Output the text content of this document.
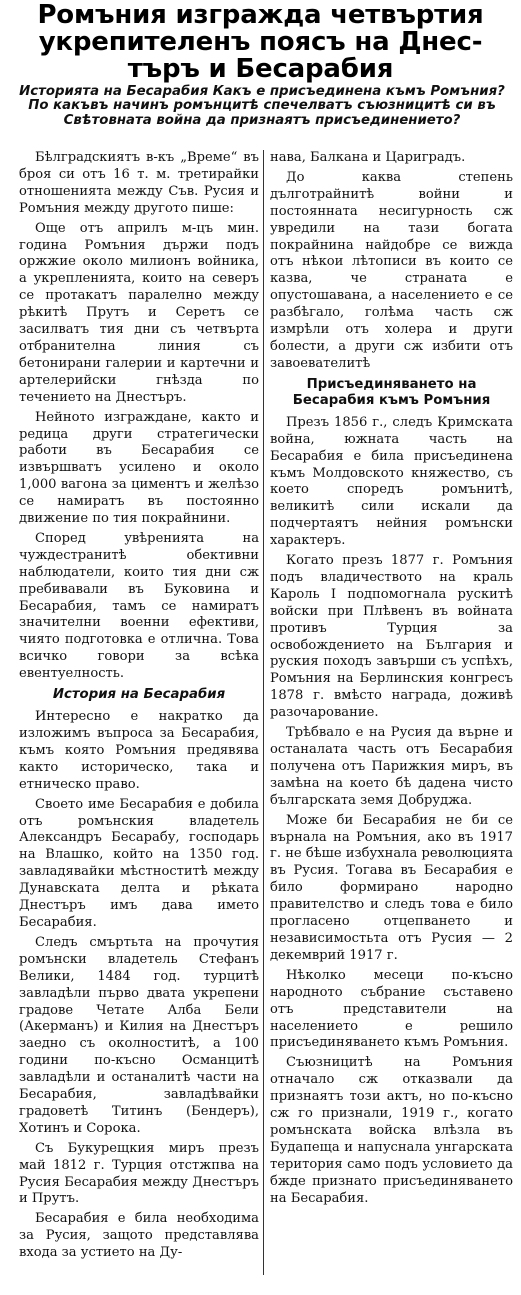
Ромъния изгражда четвъртия
укрепителенъ поясъ на Днес-
търъ и Бесарабия
Историята на Бесарабия Какъ е присъединена къмъ Ромъния?
По какъвъ начинъ ромънцитѣ спечелватъ съюзницитѣ си въ
Свѣтовната война да признаятъ присъединението?

Бѣлградскиятъ в-къ „Време“ въ броя си отъ 16 т. м. третирайки отношенията между Съв. Русия и Ромъния между другото пише:

Още отъ априлъ м-цъ мин. година Ромъния държи подъ оржжие около милионъ войника, а укрепленията, които на северъ се протакатъ паралелно между рѣкитѣ Прутъ и Серетъ се засилватъ тия дни съ четвърта отбранителна линия съ бетонирани галерии и картечни и артелерийски гнѣзда по течението на Днестъръ.

Нейното изграждане, както и редица други стратегически работи въ Бесарабия се извършватъ усилено и около 1,000 вагона за циментъ и желѣзо се намиратъ въ постоянно движение по тия покрайнини.

Според увѣренията на чуждестранитѣ обективни наблюдатели, които тия дни сж пребивавали въ Буковина и Бесарабия, тамъ се намиратъ значителни военни ефективи, чиято подготовка е отлична. Това всичко говори за всѣка евентуелность.

История на Бесарабия

Интересно е накратко да изложимъ въпроса за Бесарабия, къмъ която Ромъния предявява както историческо, така и етническо право.

Своето име Бесарабия е добила отъ ромънския владетель Александръ Бесарабу, господарь на Влашко, който на 1350 год. завладявайки мѣстноститѣ между Дунавската делта и рѣката Днестъръ имъ дава името Бесарабия.

Следъ смъртьта на прочутия ромънски владетель Стефанъ Велики, 1484 год. турцитѣ завладѣли първо двата укрепени градове Четате Алба Бели (Акерманъ) и Килия на Днестъръ заедно съ околноститѣ, а 100 години по-късно Османцитѣ завладѣли и останалитѣ части на Бесарабия, завладѣвайки градоветѣ Титинъ (Бендеръ), Хотинъ и Сорока.

Съ Букурещкия миръ презъ май 1812 г. Турция отстжпва на Русия Бесарабия между Днестъръ и Прутъ.

Бесарабия е била необходима за Русия, защото представлява входа за устието на Ду-

нава, Балкана и Цариградъ.

До каква степень дълготрайнитѣ войни и постоянната несигурность сж увредили на тази богата покрайнина найдобре се вижда отъ нѣкои лѣтописи въ които се казва, че страната е опустошавана, а населението е се разбѣгало, голѣма часть сж измрѣли отъ холера и други болести, а други сж избити отъ завоевателитѣ

Присъединяването на Бесарабия къмъ Ромъния

Презъ 1856 г., следъ Кримската война, южната часть на Бесарабия е била присъединена къмъ Молдовското княжество, съ което споредъ ромънитѣ, великитѣ сили искали да подчертаятъ нейния ромънски характеръ.

Когато презъ 1877 г. Ромъния подъ владичеството на краль Кароль I подпомогнала рускитѣ войски при Плѣвенъ въ войната противъ Турция за освобождението на България и руския походъ завърши съ успѣхъ, Ромъния на Берлинския конгресъ 1878 г. вмѣсто награда, доживѣ разочарование.

Трѣбвало е на Русия да върне и останалата часть отъ Бесарабия получена отъ Парижкия миръ, въ замѣна на което бѣ дадена чисто българската земя Добруджа.

Може би Бесарабия не би се върнала на Ромъния, ако въ 1917 г. не бѣше избухнала революцията въ Русия. Тогава въ Бесарабия е било формирано народно правителство и следъ това е било прогласено отцепването и независимостьта отъ Русия — 2 декемврий 1917 г.

Нѣколко месеци по-късно народното събрание съставено отъ представители на населението е решило присъединяването къмъ Ромъния.

Съюзницитѣ на Ромъния отначало сж отказвали да признаятъ този актъ, но по-късно сж го признали, 1919 г., когато ромънската войска влѣзла въ Будапеща и напуснала унгарската територия само подъ условието да бжде признато присъединяването на Бесарабия.
